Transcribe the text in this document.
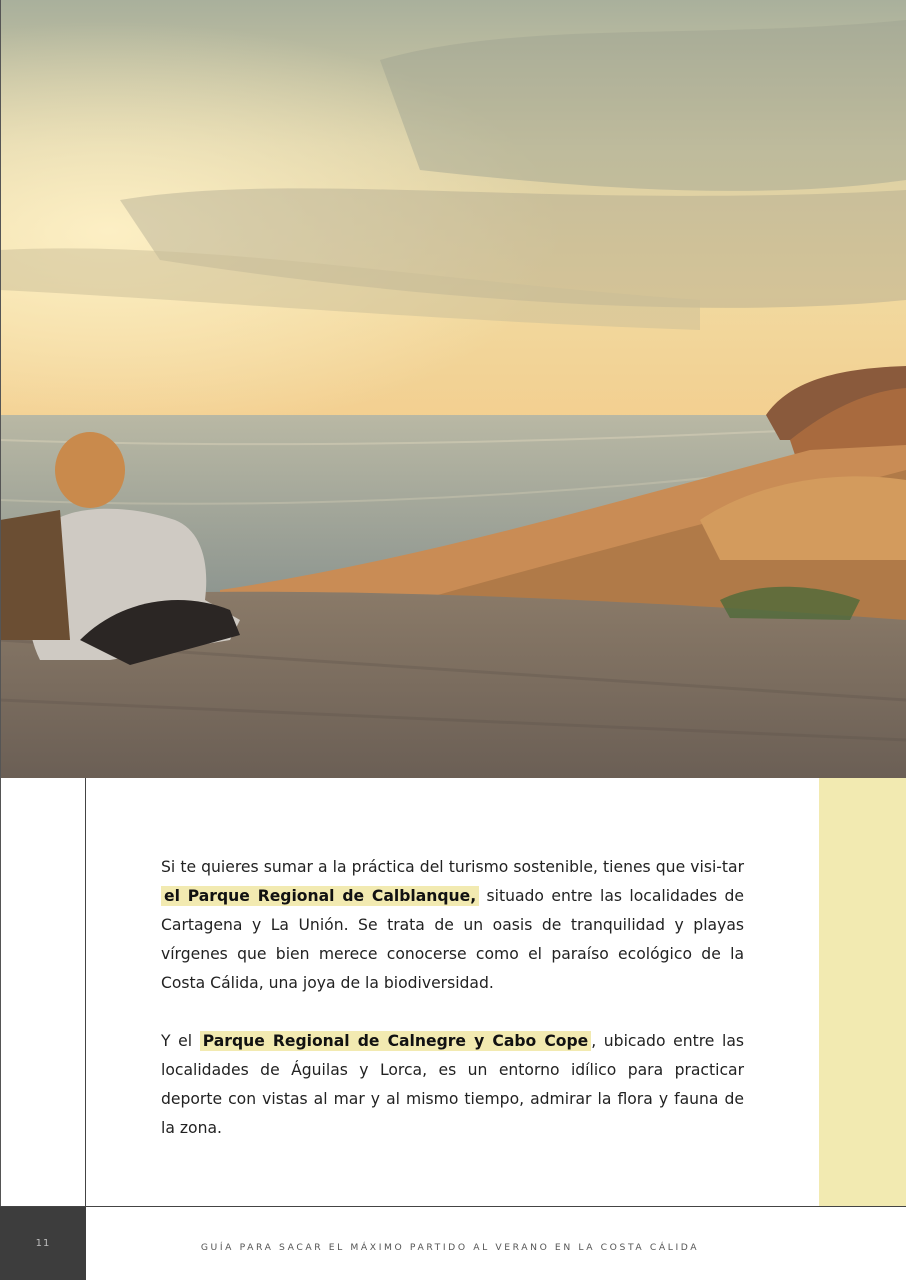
Si te quieres sumar a la práctica del turismo sostenible, tienes que visi-tar el Parque Regional de Calblanque, situado entre las localidades de Cartagena y La Unión. Se trata de un oasis de tranquilidad y playas vírgenes que bien merece conocerse como el paraíso ecológico de la Costa Cálida, una joya de la biodiversidad.

Y el Parque Regional de Calnegre y Cabo Cope , ubicado entre las localidades de Águilas y Lorca, es un entorno idílico para practicar deporte con vistas al mar y al mismo tiempo, admirar la flora y fauna de la zona.

11	GUÍA PARA SACAR EL MÁXIMO PARTIDO AL VERANO EN LA COSTA CÁLIDA
